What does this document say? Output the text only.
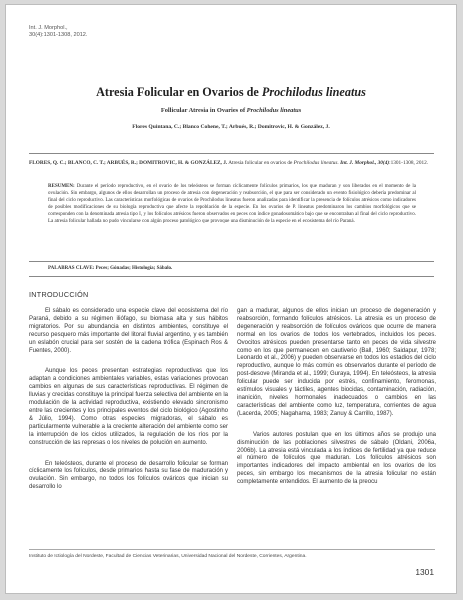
Int. J. Morphol.,
30(4):1301-1308, 2012.
Atresia Folicular en Ovarios de Prochilodus lineatus
Follicular Atresia in Ovaries of Prochilodus lineatus
Flores Quintana, C.; Blanco Cohene, T.; Arbués, R.; Domitrovic, H. & González, J.
FLORES, Q. C.; BLANCO, C. T.; ARBUÉS, R.; DOMITROVIC, H. & GONZÁLEZ, J. Atresia folicular en ovarios de Prochilodus lineatus. Int. J. Morphol., 30(4):1301-1308, 2012.
RESUMEN: Durante el período reproductivo, en el ovario de los teleósteos se forman cíclicamente folículos primarios, los que maduran y son liberados en el momento de la ovulación. Sin embargo, algunos de ellos desarrollan un proceso de atresia con degeneración y reabsorción, el que para ser considerado un evento fisiológico debería predominar al final del ciclo reproductivo. Las características morfológicas de ovarios de Prochilodus lineatus fueron analizadas para identificar la presencia de folículos atrésicos como indicadores de posibles modificaciones de su biología reproductiva que afecte la repoblación de la especie. En los ovarios de P. lineatus predominaron los cambios morfológicos que se corresponden con la denominada atresia tipo I, y los folículos atrésicos fueron observados en peces con índice gonadosomático bajo que se encontraban al final del ciclo reproductivo. La atresia folicular hallada no pudo vincularse con algún proceso patológico que provoque una disminución de la especie en el ecosistema del río Paraná.
PALABRAS CLAVE: Peces; Gónadas; Histología; Sábalo.
INTRODUCCIÓN

El sábalo es considerado una especie clave del ecosistema del río Paraná, debido a su régimen iliófago, su biomasa alta y sus hábitos migratorios. Por su abundancia en distintos ambientes, constituye el recurso pesquero más importante del litoral fluvial argentino, y es también un eslabón crucial para ser sostén de la cadena trófica (Espinach Ros & Fuentes, 2000).

Aunque los peces presentan estrategias reproductivas que los adaptan a condiciones ambientales variables, estas variaciones provocan cambios en algunas de sus características reproductivas. El régimen de lluvias y crecidas constituye la principal fuerza selectiva del ambiente en la modulación de la actividad reproductiva, existiendo elevado sincronismo entre las crecientes y los principales eventos del ciclo biológico (Agostinho & Júlio, 1994). Como otras especies migradoras, el sábalo es particularmente vulnerable a la creciente alteración del ambiente como ser la interrupción de los ciclos utilizados, la regulación de los ríos por la construcción de las represas o los niveles de polución en aumento.

En teleósteos, durante el proceso de desarrollo folicular se forman cíclicamente los folículos, desde primarios hasta su fase de maduración y ovulación. Sin embargo, no todos los folículos ováricos que inician su desarrollo lo

gan a madurar, algunos de ellos inician un proceso de degeneración y reabsorción, formando folículos atrésicos. La atresia es un proceso de degeneración y reabsorción de folículos ováricos que ocurre de manera normal en los ovarios de todos los vertebrados, incluidos los peces. Ovocitos atrésicos pueden presentarse tanto en peces de vida silvestre como en los que permanecen en cautiverio (Ball, 1960; Saidapur, 1978; Leonardo et al., 2006) y pueden observarse en todos los estadios del ciclo reproductivo, aunque lo más común es observarlos durante el período de post-desove (Miranda et al., 1999; Guraya, 1994). En teleósteos, la atresia folicular puede ser inducida por estrés, confinamiento, feromonas, estímulos visuales y táctiles, agentes biocidas, contaminación, radiación, inanición, niveles hormonales inadecuados o cambios en las características del ambiente como luz, temperatura, corrientes de agua (Lacerda, 2005; Nagahama, 1983; Zanuy & Carrillo, 1987).

Varios autores postulan que en los últimos años se produjo una disminución de las poblaciones silvestres de sábalo (Oldani, 2006a, 2006b). La atresia está vinculada a los índices de fertilidad ya que reduce el número de folículos que maduran. Los folículos atrésicos son importantes indicadores del impacto ambiental en los ovarios de los peces, sin embargo los mecanismos de la atresia folicular no están completamente entendidos. El aumento de la preocu

Instituto de Ictiología del Nordeste, Facultad de Ciencias Veterinarias, Universidad Nacional del Nordeste, Corrientes, Argentina.
1301
